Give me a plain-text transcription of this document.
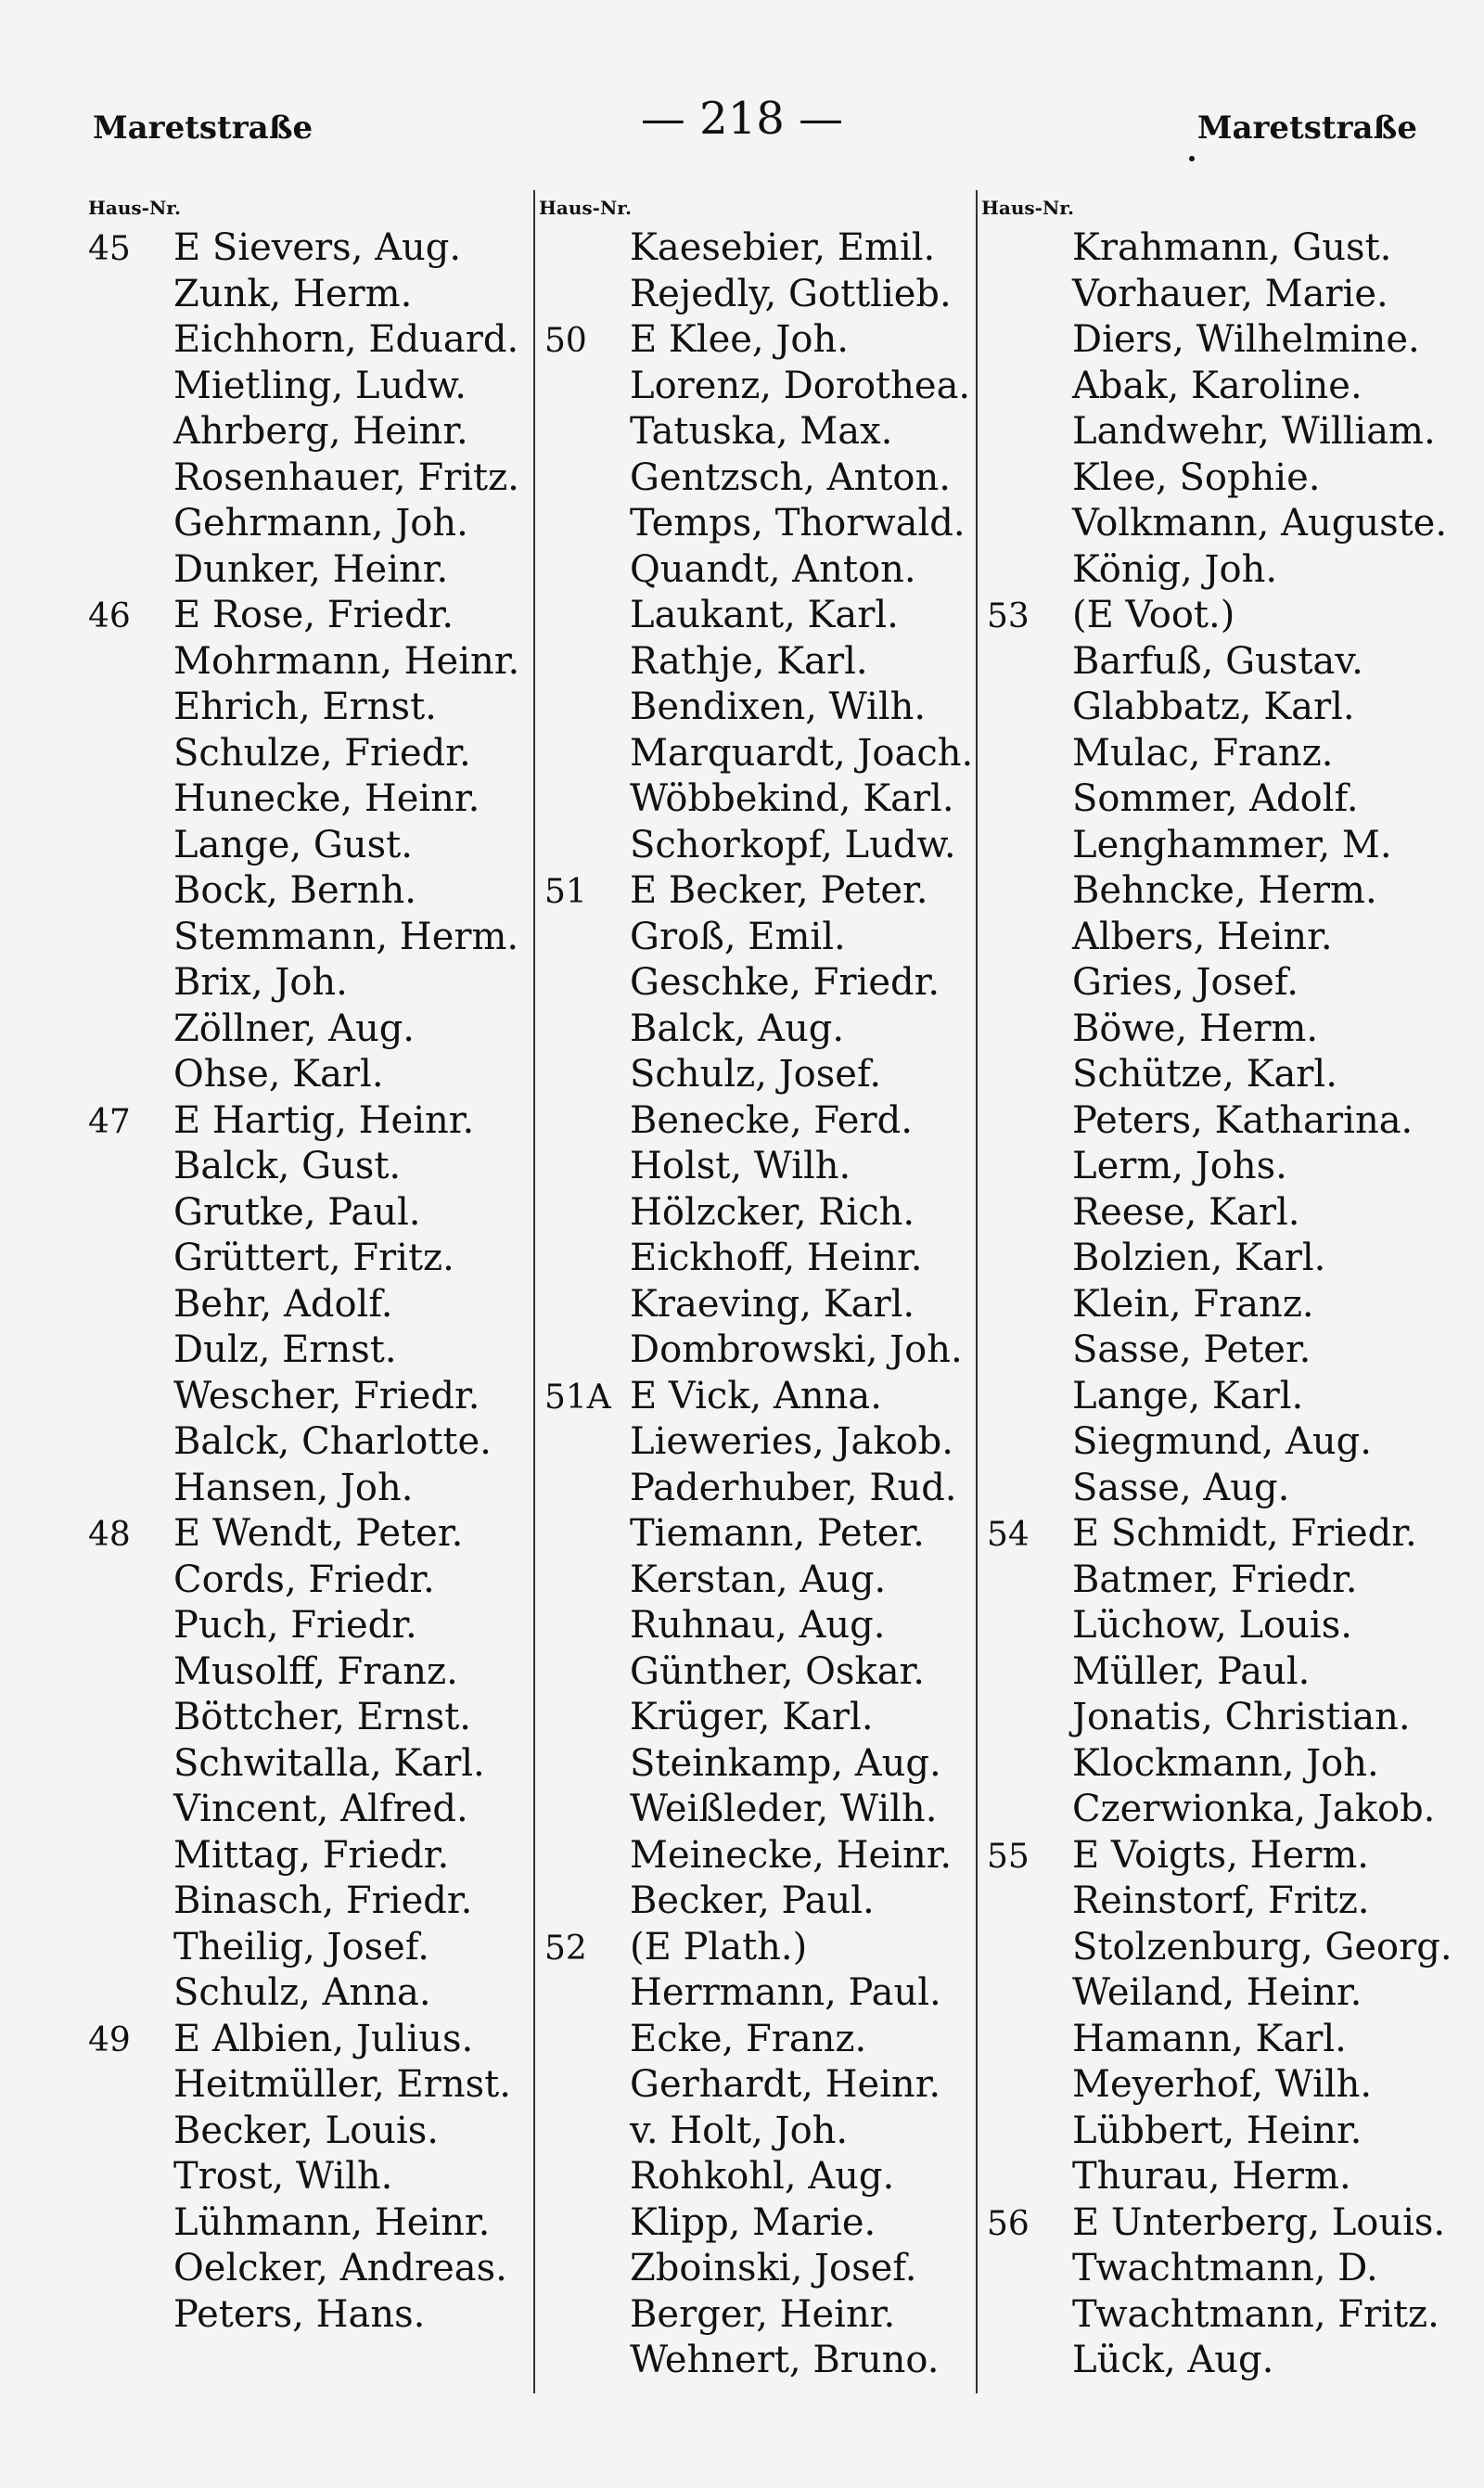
Maretstraße	— 218 —	Maretstraße
Haus-Nr.
45 E Sievers, Aug.
Zunk, Herm.
Eichhorn, Eduard.
Mietling, Ludw.
Ahrberg, Heinr.
Rosenhauer, Fritz.
Gehrmann, Joh.
Dunker, Heinr.
46 E Rose, Friedr.
Mohrmann, Heinr.
Ehrich, Ernst.
Schulze, Friedr.
Hunecke, Heinr.
Lange, Gust.
Bock, Bernh.
Stemmann, Herm.
Brix, Joh.
Zöllner, Aug.
Ohse, Karl.
47 E Hartig, Heinr.
Balck, Gust.
Grutke, Paul.
Grüttert, Fritz.
Behr, Adolf.
Dulz, Ernst.
Wescher, Friedr.
Balck, Charlotte.
Hansen, Joh.
48 E Wendt, Peter.
Cords, Friedr.
Puch, Friedr.
Musolff, Franz.
Böttcher, Ernst.
Schwitalla, Karl.
Vincent, Alfred.
Mittag, Friedr.
Binasch, Friedr.
Theilig, Josef.
Schulz, Anna.
49 E Albien, Julius.
Heitmüller, Ernst.
Becker, Louis.
Trost, Wilh.
Lühmann, Heinr.
Oelcker, Andreas.
Peters, Hans.
Haus-Nr.
Kaesebier, Emil.
Rejedly, Gottlieb.
50 E Klee, Joh.
Lorenz, Dorothea.
Tatuska, Max.
Gentzsch, Anton.
Temps, Thorwald.
Quandt, Anton.
Laukant, Karl.
Rathje, Karl.
Bendixen, Wilh.
Marquardt, Joach.
Wöbbekind, Karl.
Schorkopf, Ludw.
51 E Becker, Peter.
Groß, Emil.
Geschke, Friedr.
Balck, Aug.
Schulz, Josef.
Benecke, Ferd.
Holst, Wilh.
Hölzcker, Rich.
Eickhoff, Heinr.
Kraeving, Karl.
Dombrowski, Joh.
51A E Vick, Anna.
Lieweries, Jakob.
Paderhuber, Rud.
Tiemann, Peter.
Kerstan, Aug.
Ruhnau, Aug.
Günther, Oskar.
Krüger, Karl.
Steinkamp, Aug.
Weißleder, Wilh.
Meinecke, Heinr.
Becker, Paul.
52 (E Plath.)
Herrmann, Paul.
Ecke, Franz.
Gerhardt, Heinr.
v. Holt, Joh.
Rohkohl, Aug.
Klipp, Marie.
Zboinski, Josef.
Berger, Heinr.
Wehnert, Bruno.
Haus-Nr.
Krahmann, Gust.
Vorhauer, Marie.
Diers, Wilhelmine.
Abak, Karoline.
Landwehr, William.
Klee, Sophie.
Volkmann, Auguste.
König, Joh.
53 (E Voot.)
Barfuß, Gustav.
Glabbatz, Karl.
Mulac, Franz.
Sommer, Adolf.
Lenghammer, M.
Behncke, Herm.
Albers, Heinr.
Gries, Josef.
Böwe, Herm.
Schütze, Karl.
Peters, Katharina.
Lerm, Johs.
Reese, Karl.
Bolzien, Karl.
Klein, Franz.
Sasse, Peter.
Lange, Karl.
Siegmund, Aug.
Sasse, Aug.
54 E Schmidt, Friedr.
Batmer, Friedr.
Lüchow, Louis.
Müller, Paul.
Jonatis, Christian.
Klockmann, Joh.
Czerwionka, Jakob.
55 E Voigts, Herm.
Reinstorf, Fritz.
Stolzenburg, Georg.
Weiland, Heinr.
Hamann, Karl.
Meyerhof, Wilh.
Lübbert, Heinr.
Thurau, Herm.
56 E Unterberg, Louis.
Twachtmann, D.
Twachtmann, Fritz.
Lück, Aug.
